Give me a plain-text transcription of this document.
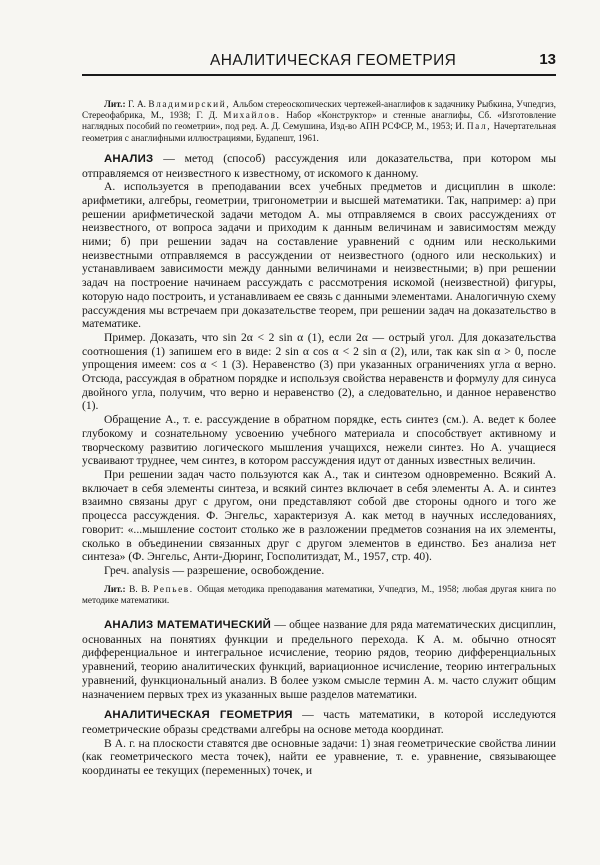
АНАЛИТИЧЕСКАЯ ГЕОМЕТРИЯ	13

Лит.: Г. А. Владимирский, Альбом стереоскопических чертежей-анаглифов к задачнику Рыбкина, Учпедгиз, Стереофабрика, М., 1938; Г. Д. Михайлов. Набор «Конструктор» и стенные анаглифы, Сб. «Изготовление наглядных пособий по геометрии», под ред. А. Д. Семушина, Изд-во АПН РСФСР, М., 1953; И. Пал, Начертательная геометрия с анаглифными иллюстрациями, Будапешт, 1961.

АНАЛИЗ — метод (способ) рассуждения или доказательства, при котором мы отправляемся от неизвестного к известному, от искомого к данному.

А. используется в преподавании всех учебных предметов и дисциплин в школе: арифметики, алгебры, геометрии, тригонометрии и высшей математики. Так, например: а) при решении арифметической задачи методом А. мы отправляемся в своих рассуждениях от неизвестного, от вопроса задачи и приходим к данным величинам и зависимостям между ними; б) при решении задач на составление уравнений с одним или несколькими неизвестными отправляемся в рассуждении от неизвестного (одного или нескольких) и устанавливаем зависимости между данными величинами и неизвестными; в) при решении задач на построение начинаем рассуждать с рассмотрения искомой (неизвестной) фигуры, которую надо построить, и устанавливаем ее связь с данными элементами. Аналогичную схему рассуждения мы встречаем при доказательстве теорем, при решении задач на доказательство в математике.

Пример. Доказать, что sin 2α < 2 sin α (1), если 2α — острый угол. Для доказательства соотношения (1) запишем его в виде: 2 sin α cos α < 2 sin α (2), или, так как sin α > 0, после упрощения имеем: cos α < 1 (3). Неравенство (3) при указанных ограничениях угла α верно. Отсюда, рассуждая в обратном порядке и используя свойства неравенств и формулу для синуса двойного угла, получим, что верно и неравенство (2), а следовательно, и данное неравенство (1).

Обращение А., т. е. рассуждение в обратном порядке, есть синтез (см.). А. ведет к более глубокому и сознательному усвоению учебного материала и способствует активному и творческому развитию логического мышления учащихся, нежели синтез. Но А. учащиеся усваивают труднее, чем синтез, в котором рассуждения идут от данных известных величин.

При решении задач часто пользуются как А., так и синтезом одновременно. Всякий А. включает в себя элементы синтеза, и всякий синтез включает в себя элементы А. А. и синтез взаимно связаны друг с другом, они представляют собой две стороны одного и того же процесса рассуждения. Ф. Энгельс, характеризуя А. как метод в научных исследованиях, говорит: «...мышление состоит столько же в разложении предметов сознания на их элементы, сколько в объединении связанных друг с другом элементов в единство. Без анализа нет синтеза» (Ф. Энгельс, Анти-Дюринг, Госполитиздат, М., 1957, стр. 40).

Греч. analysis — разрешение, освобождение.

Лит.: В. В. Репьев. Общая методика преподавания математики, Учпедгиз, М., 1958; любая другая книга по методике математики.

АНАЛИЗ МАТЕМАТИЧЕСКИЙ — общее название для ряда математических дисциплин, основанных на понятиях функции и предельного перехода. К А. м. обычно относят дифференциальное и интегральное исчисление, теорию рядов, теорию дифференциальных уравнений, теорию аналитических функций, вариационное исчисление, теорию интегральных уравнений, функциональный анализ. В более узком смысле термин А. м. часто служит общим назначением первых трех из указанных выше разделов математики.

АНАЛИТИЧЕСКАЯ ГЕОМЕТРИЯ — часть математики, в которой исследуются геометрические образы средствами алгебры на основе метода координат.

В А. г. на плоскости ставятся две основные задачи: 1) зная геометрические свойства линии (как геометрического места точек), найти ее уравнение, т. е. уравнение, связывающее координаты ее текущих (переменных) точек, и
